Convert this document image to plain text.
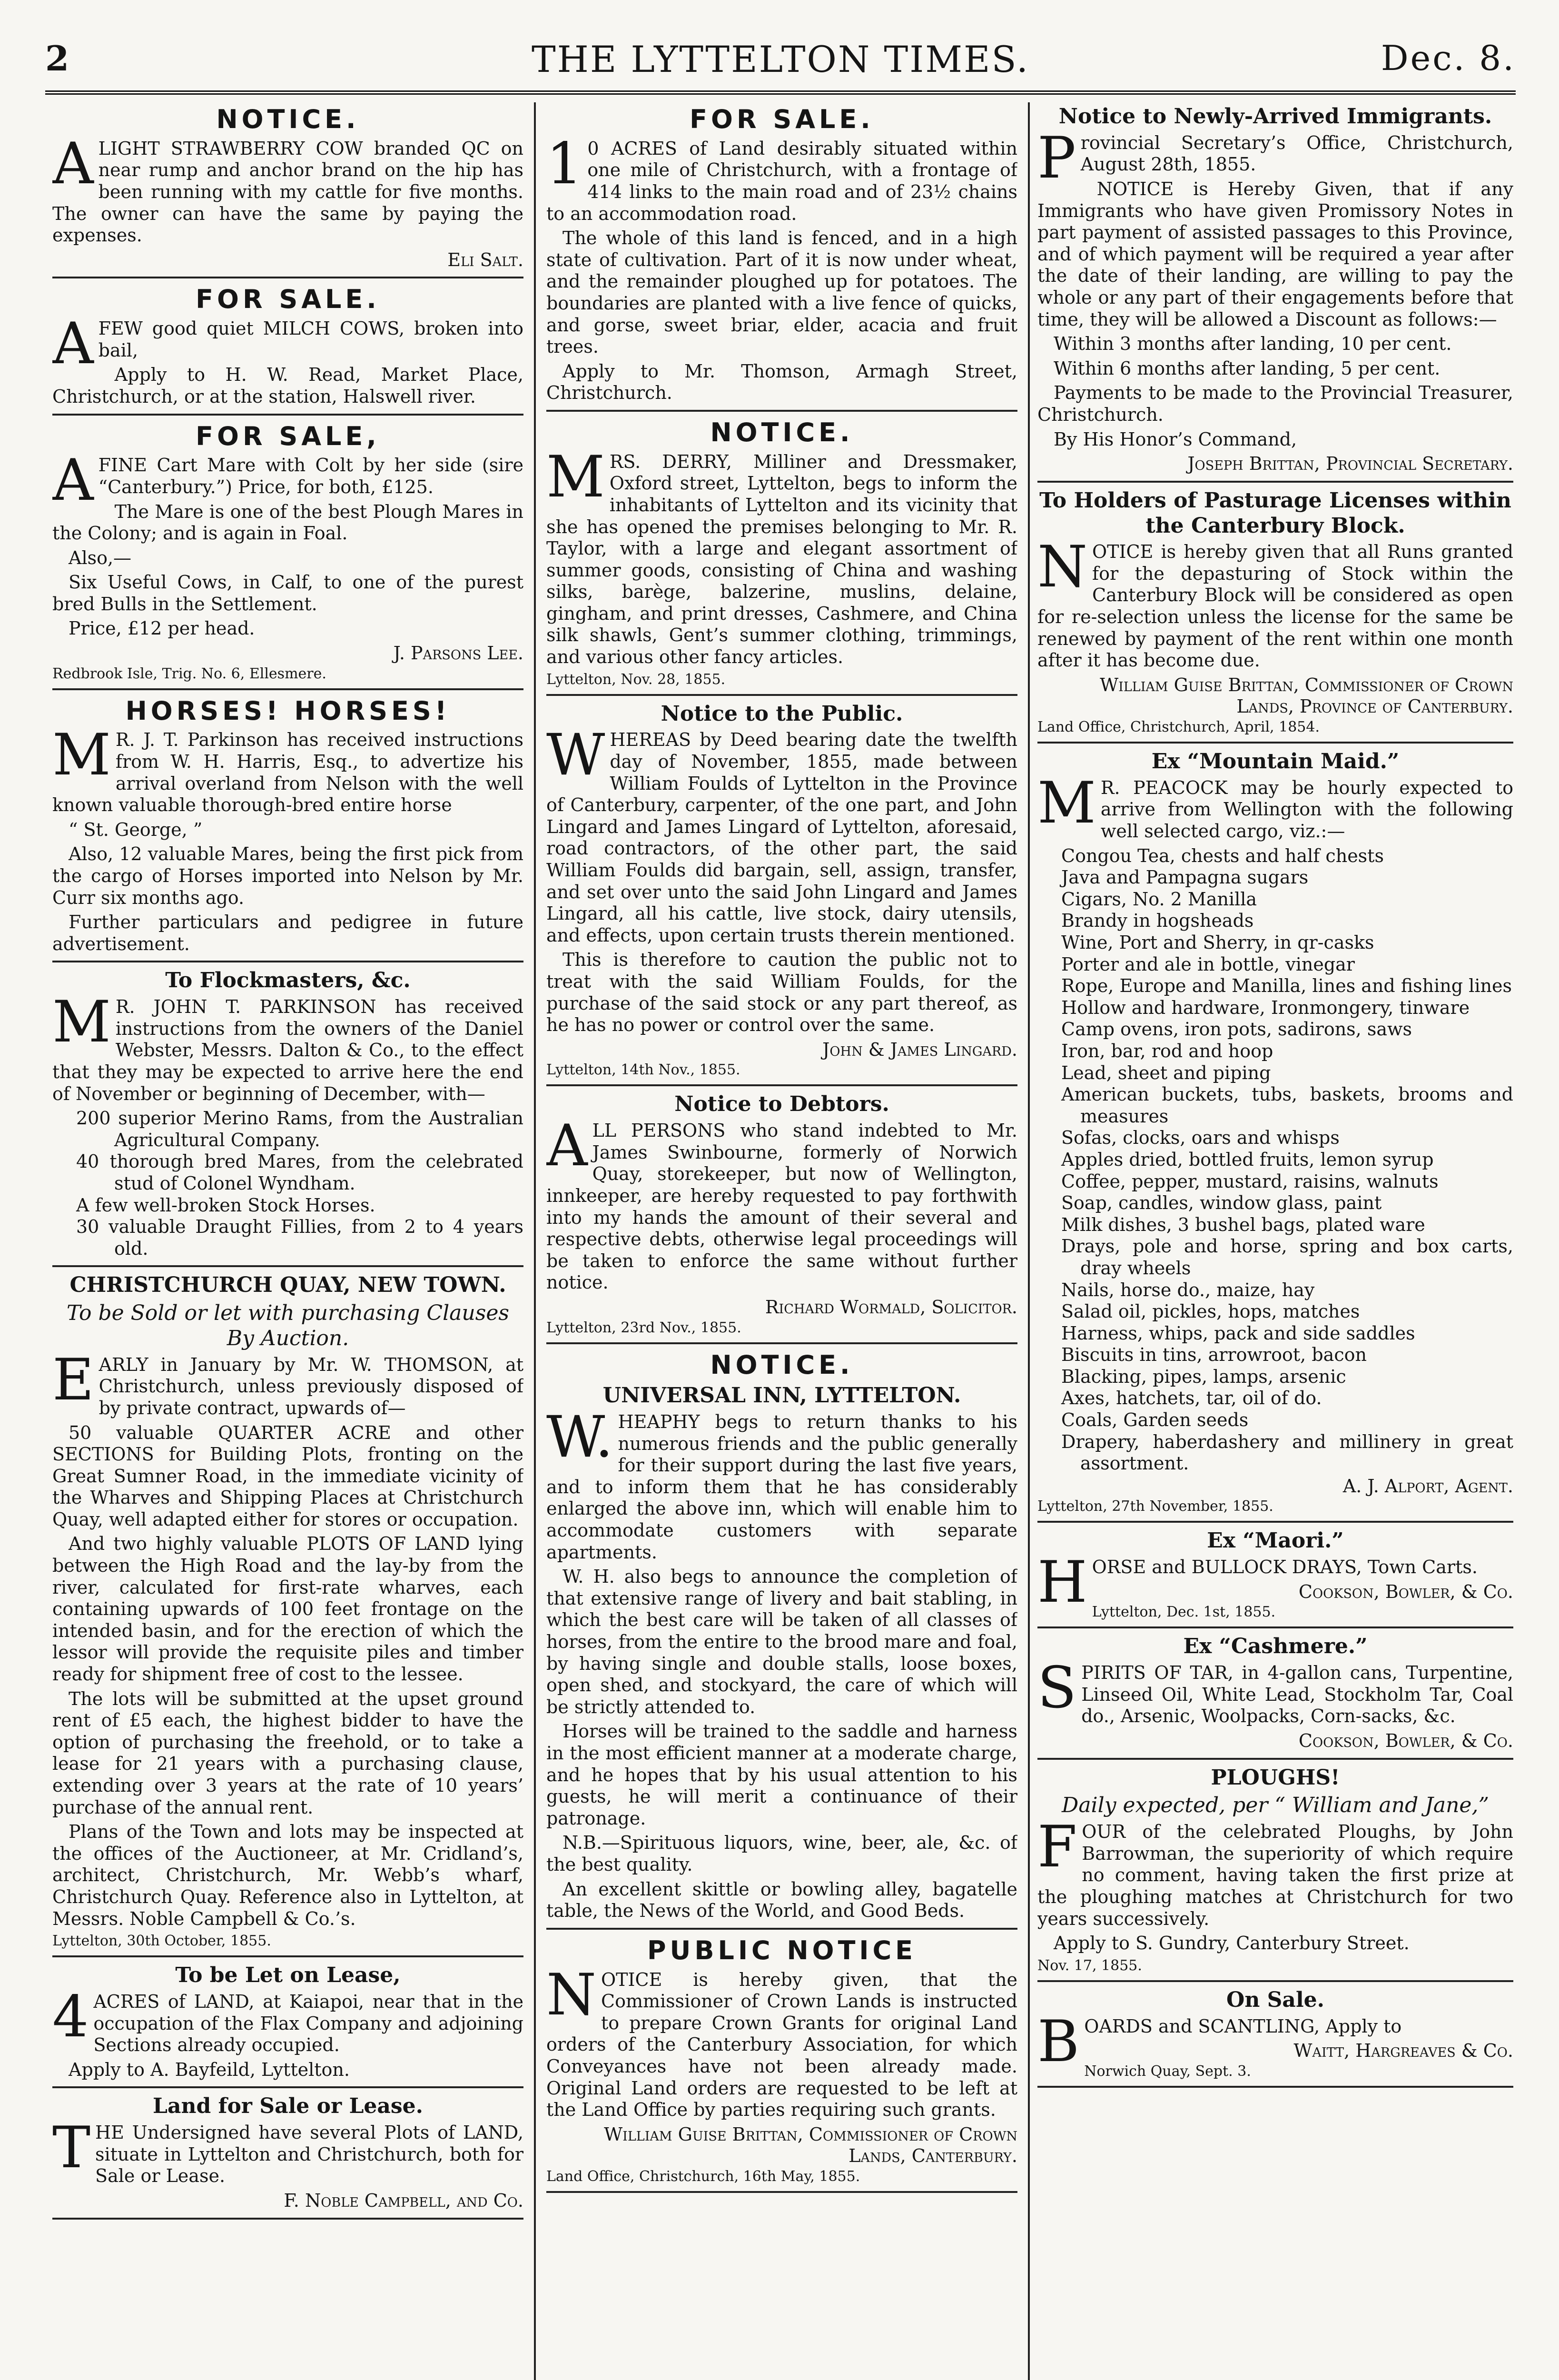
2	THE LYTTELTON TIMES.	Dec. 8.
NOTICE.

ALIGHT STRAWBERRY COW branded QC on near rump and anchor brand on the hip has been running with my cattle for five months. The owner can have the same by paying the expenses.

Eli Salt.
FOR SALE.

AFEW good quiet MILCH COWS, broken into bail,

Apply to H. W. Read, Market Place, Christchurch, or at the station, Halswell river.

FOR SALE,

AFINE Cart Mare with Colt by her side (sire “Canterbury.”) Price, for both, £125.

The Mare is one of the best Plough Mares in the Colony; and is again in Foal.

Also,—

Six Useful Cows, in Calf, to one of the purest bred Bulls in the Settlement.

Price, £12 per head.

J. Parsons Lee.
Redbrook Isle, Trig. No. 6, Ellesmere.
HORSES! HORSES!

MR. J. T. Parkinson has received instructions from W. H. Harris, Esq., to advertize his arrival overland from Nelson with the well known valuable thorough-bred entire horse

“ St. George, ”

Also, 12 valuable Mares, being the first pick from the cargo of Horses imported into Nelson by Mr. Curr six months ago.

Further particulars and pedigree in future advertisement.

To Flockmasters, &c.

MR. JOHN T. PARKINSON has received instructions from the owners of the Daniel Webster, Messrs. Dalton & Co., to the effect that they may be expected to arrive here the end of November or beginning of December, with—

200 superior Merino Rams, from the Australian Agricultural Company.
40 thorough bred Mares, from the celebrated stud of Colonel Wyndham.
A few well-broken Stock Horses.
30 valuable Draught Fillies, from 2 to 4 years old.
CHRISTCHURCH QUAY, NEW TOWN.
To be Sold or let with purchasing Clauses By Auction.

EARLY in January by Mr. W. THOMSON, at Christchurch, unless previously disposed of by private contract, upwards of—

50 valuable QUARTER ACRE and other SECTIONS for Building Plots, fronting on the Great Sumner Road, in the immediate vicinity of the Wharves and Shipping Places at Christchurch Quay, well adapted either for stores or occupation.

And two highly valuable PLOTS OF LAND lying between the High Road and the lay-by from the river, calculated for first-rate wharves, each containing upwards of 100 feet frontage on the intended basin, and for the erection of which the lessor will provide the requisite piles and timber ready for shipment free of cost to the lessee.

The lots will be submitted at the upset ground rent of £5 each, the highest bidder to have the option of purchasing the freehold, or to take a lease for 21 years with a purchasing clause, extending over 3 years at the rate of 10 years’ purchase of the annual rent.

Plans of the Town and lots may be inspected at the offices of the Auctioneer, at Mr. Cridland’s, architect, Christchurch, Mr. Webb’s wharf, Christchurch Quay. Reference also in Lyttelton, at Messrs. Noble Campbell & Co.’s.

Lyttelton, 30th October, 1855.
To be Let on Lease,

4ACRES of LAND, at Kaiapoi, near that in the occupation of the Flax Company and adjoining Sections already occupied.

Apply to A. Bayfeild, Lyttelton.

Land for Sale or Lease.

THE Undersigned have several Plots of LAND, situate in Lyttelton and Christchurch, both for Sale or Lease.

F. Noble Campbell, and Co.
FOR SALE.

10 ACRES of Land desirably situated within one mile of Christchurch, with a frontage of 414 links to the main road and of 23½ chains to an accommodation road.

The whole of this land is fenced, and in a high state of cultivation. Part of it is now under wheat, and the remainder ploughed up for potatoes. The boundaries are planted with a live fence of quicks, and gorse, sweet briar, elder, acacia and fruit trees.

Apply to Mr. Thomson, Armagh Street, Christchurch.

NOTICE.

MRS. DERRY, Milliner and Dressmaker, Oxford street, Lyttelton, begs to inform the inhabitants of Lyttelton and its vicinity that she has opened the premises belonging to Mr. R. Taylor, with a large and elegant assortment of summer goods, consisting of China and washing silks, barège, balzerine, muslins, delaine, gingham, and print dresses, Cashmere, and China silk shawls, Gent’s summer clothing, trimmings, and various other fancy articles.

Lyttelton, Nov. 28, 1855.
Notice to the Public.

WHEREAS by Deed bearing date the twelfth day of November, 1855, made between William Foulds of Lyttelton in the Province of Canterbury, carpenter, of the one part, and John Lingard and James Lingard of Lyttelton, aforesaid, road contractors, of the other part, the said William Foulds did bargain, sell, assign, transfer, and set over unto the said John Lingard and James Lingard, all his cattle, live stock, dairy utensils, and effects, upon certain trusts therein mentioned.

This is therefore to caution the public not to treat with the said William Foulds, for the purchase of the said stock or any part thereof, as he has no power or control over the same.

John & James Lingard.
Lyttelton, 14th Nov., 1855.
Notice to Debtors.

ALL PERSONS who stand indebted to Mr. James Swinbourne, formerly of Norwich Quay, storekeeper, but now of Wellington, innkeeper, are hereby requested to pay forthwith into my hands the amount of their several and respective debts, otherwise legal proceedings will be taken to enforce the same without further notice.

Richard Wormald, Solicitor.
Lyttelton, 23rd Nov., 1855.
NOTICE.
UNIVERSAL INN, LYTTELTON.

W.HEAPHY begs to return thanks to his numerous friends and the public generally for their support during the last five years, and to inform them that he has considerably enlarged the above inn, which will enable him to accommodate customers with separate apartments.

W. H. also begs to announce the completion of that extensive range of livery and bait stabling, in which the best care will be taken of all classes of horses, from the entire to the brood mare and foal, by having single and double stalls, loose boxes, open shed, and stockyard, the care of which will be strictly attended to.

Horses will be trained to the saddle and harness in the most efficient manner at a moderate charge, and he hopes that by his usual attention to his guests, he will merit a continuance of their patronage.

N.B.—Spirituous liquors, wine, beer, ale, &c. of the best quality.

An excellent skittle or bowling alley, bagatelle table, the News of the World, and Good Beds.

PUBLIC NOTICE

NOTICE is hereby given, that the Commissioner of Crown Lands is instructed to prepare Crown Grants for original Land orders of the Canterbury Association, for which Conveyances have not been already made. Original Land orders are requested to be left at the Land Office by parties requiring such grants.

William Guise Brittan, Commissioner of Crown Lands, Canterbury.
Land Office, Christchurch, 16th May, 1855.
Notice to Newly-Arrived Immigrants.

Provincial Secretary’s Office, Christchurch, August 28th, 1855.

NOTICE is Hereby Given, that if any Immigrants who have given Promissory Notes in part payment of assisted passages to this Province, and of which payment will be required a year after the date of their landing, are willing to pay the whole or any part of their engagements before that time, they will be allowed a Discount as follows:—

Within 3 months after landing, 10 per cent.

Within 6 months after landing, 5 per cent.

Payments to be made to the Provincial Treasurer, Christchurch.

By His Honor’s Command,

Joseph Brittan, Provincial Secretary.
To Holders of Pasturage Licenses within the Canterbury Block.

NOTICE is hereby given that all Runs granted for the depasturing of Stock within the Canterbury Block will be considered as open for re-selection unless the license for the same be renewed by payment of the rent within one month after it has become due.

William Guise Brittan, Commissioner of Crown Lands, Province of Canterbury.
Land Office, Christchurch, April, 1854.
Ex “Mountain Maid.”

MR. PEACOCK may be hourly expected to arrive from Wellington with the following well selected cargo, viz.:—

Congou Tea, chests and half chests
Java and Pampagna sugars
Cigars, No. 2 Manilla
Brandy in hogsheads
Wine, Port and Sherry, in qr-casks
Porter and ale in bottle, vinegar
Rope, Europe and Manilla, lines and fishing lines
Hollow and hardware, Ironmongery, tinware
Camp ovens, iron pots, sadirons, saws
Iron, bar, rod and hoop
Lead, sheet and piping
American buckets, tubs, baskets, brooms and measures
Sofas, clocks, oars and whisps
Apples dried, bottled fruits, lemon syrup
Coffee, pepper, mustard, raisins, walnuts
Soap, candles, window glass, paint
Milk dishes, 3 bushel bags, plated ware
Drays, pole and horse, spring and box carts, dray wheels
Nails, horse do., maize, hay
Salad oil, pickles, hops, matches
Harness, whips, pack and side saddles
Biscuits in tins, arrowroot, bacon
Blacking, pipes, lamps, arsenic
Axes, hatchets, tar, oil of do.
Coals, Garden seeds
Drapery, haberdashery and millinery in great assortment.
A. J. Alport, Agent.
Lyttelton, 27th November, 1855.
Ex “Maori.”

HORSE and BULLOCK DRAYS, Town Carts.

Cookson, Bowler, & Co.
Lyttelton, Dec. 1st, 1855.
Ex “Cashmere.”

SPIRITS OF TAR, in 4-gallon cans, Turpentine, Linseed Oil, White Lead, Stockholm Tar, Coal do., Arsenic, Woolpacks, Corn-sacks, &c.

Cookson, Bowler, & Co.
PLOUGHS!
Daily expected, per “ William and Jane,”

FOUR of the celebrated Ploughs, by John Barrowman, the superiority of which require no comment, having taken the first prize at the ploughing matches at Christchurch for two years successively.

Apply to S. Gundry, Canterbury Street.

Nov. 17, 1855.
On Sale.

BOARDS and SCANTLING, Apply to

Waitt, Hargreaves & Co.
Norwich Quay, Sept. 3.
